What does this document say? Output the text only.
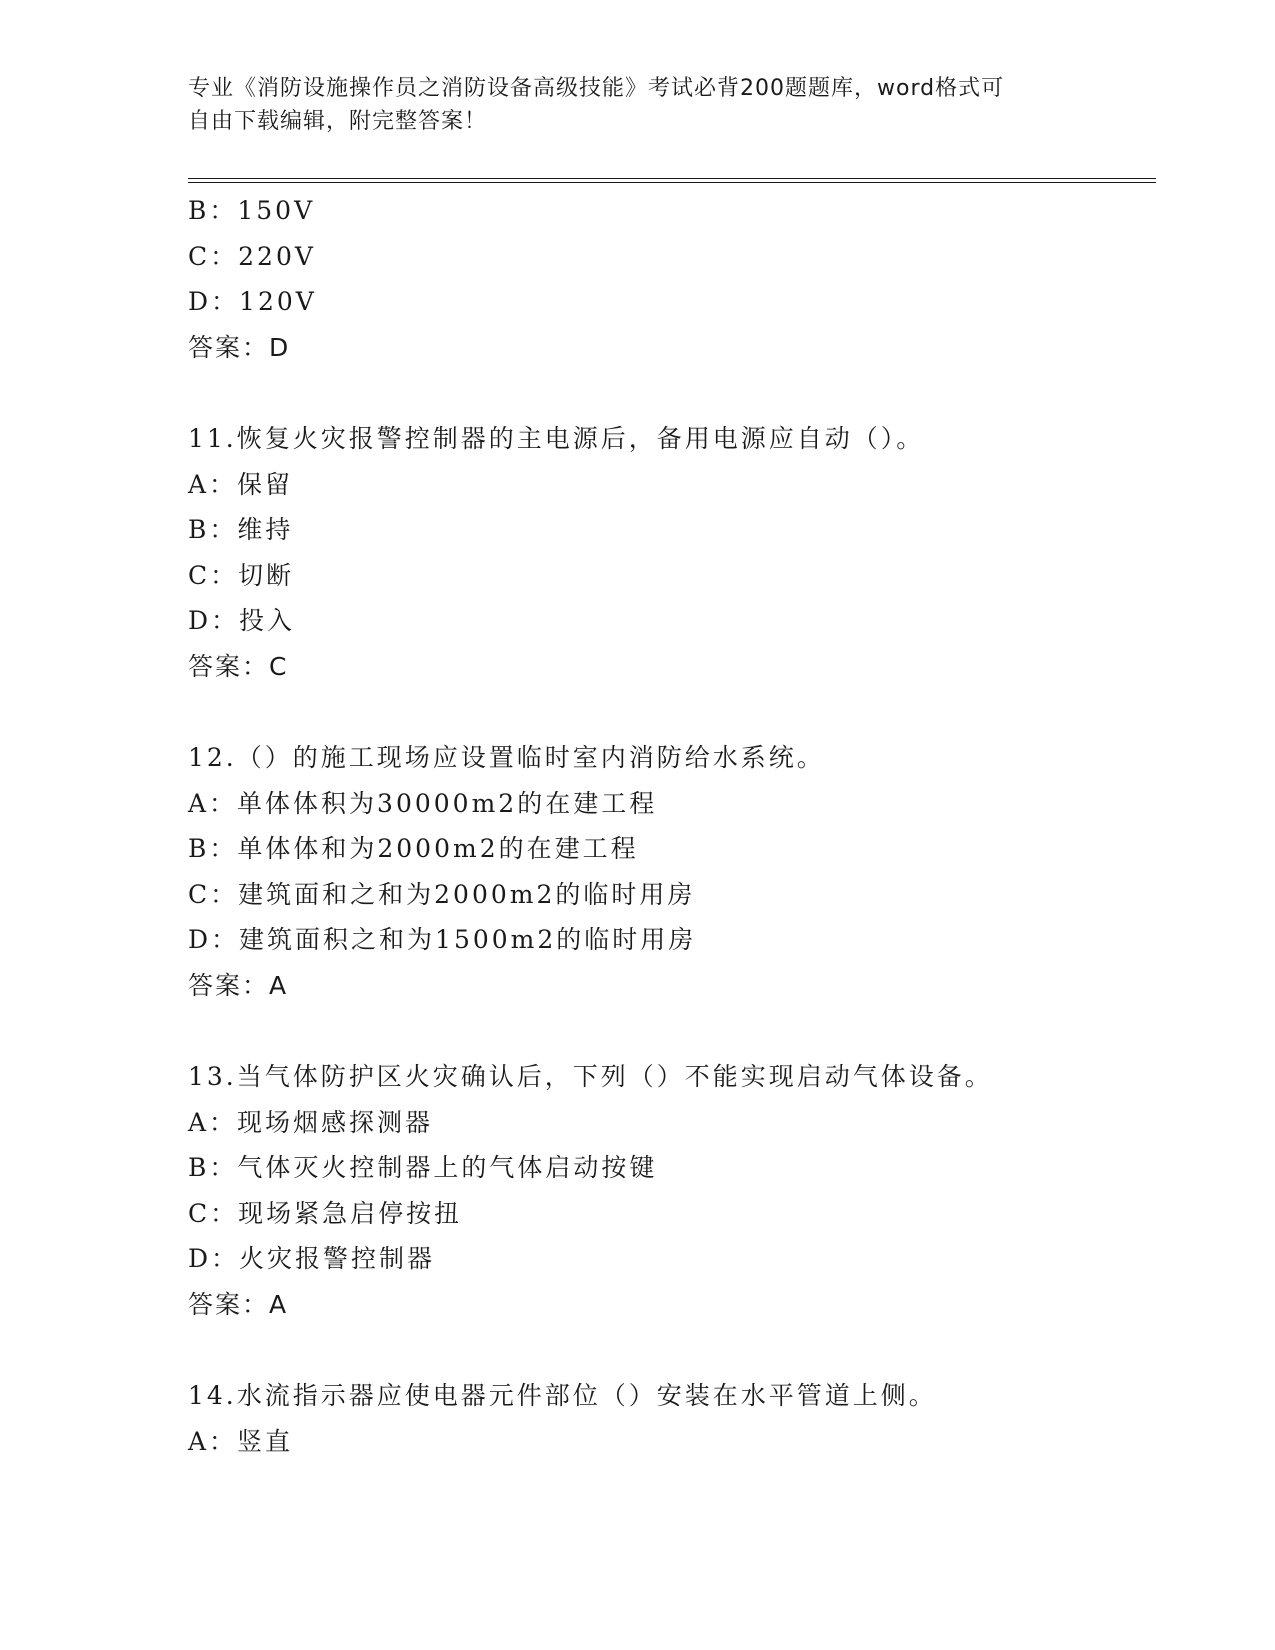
专业《消防设施操作员之消防设备高级技能》考试必背200题题库，word格式可
自由下载编辑，附完整答案！
B：150V
C：220V
D：120V
答案：D
11.恢复火灾报警控制器的主电源后，备用电源应自动（）。
A：保留
B：维持
C：切断
D：投入
答案：C
12.（）的施工现场应设置临时室内消防给水系统。
A：单体体积为30000m2的在建工程
B：单体体和为2000m2的在建工程
C：建筑面和之和为2000m2的临时用房
D：建筑面积之和为1500m2的临时用房
答案：A
13.当气体防护区火灾确认后，下列（）不能实现启动气体设备。
A：现场烟感探测器
B：气体灭火控制器上的气体启动按键
C：现场紧急启停按扭
D：火灾报警控制器
答案：A
14.水流指示器应使电器元件部位（）安装在水平管道上侧。
A：竖直
